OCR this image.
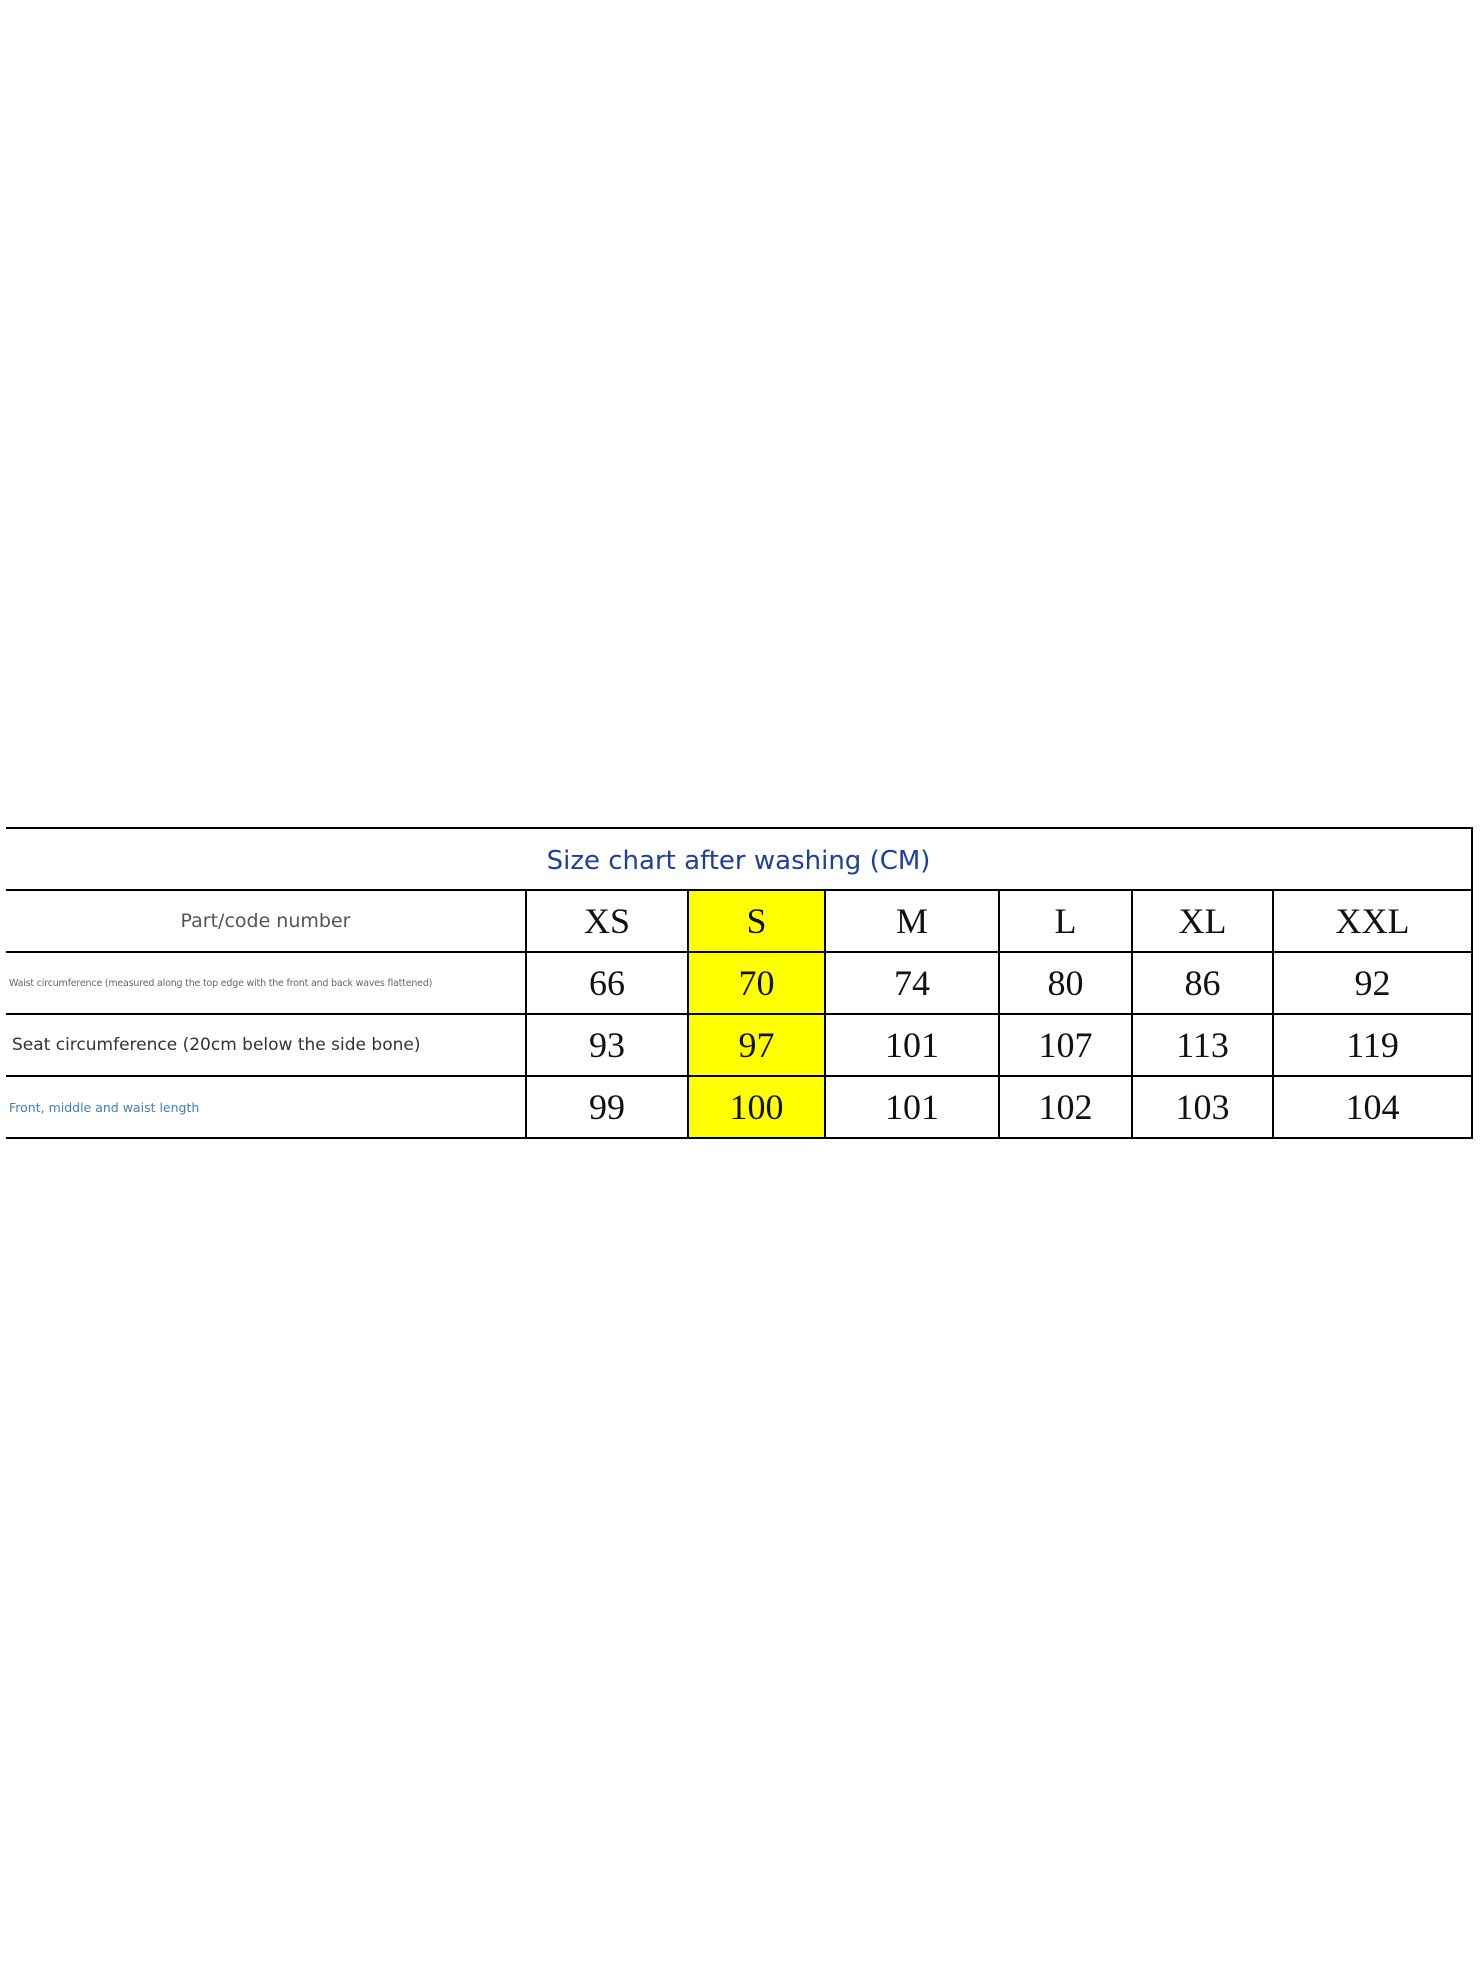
Size chart after washing (CM)						
Part/code number	XS	S	M	L	XL	XXL
Waist circumference (measured along the top edge with the front and back waves flattened)	66	70	74	80	86	92
Seat circumference (20cm below the side bone)	93	97	101	107	113	119
Front, middle and waist length	99	100	101	102	103	104
